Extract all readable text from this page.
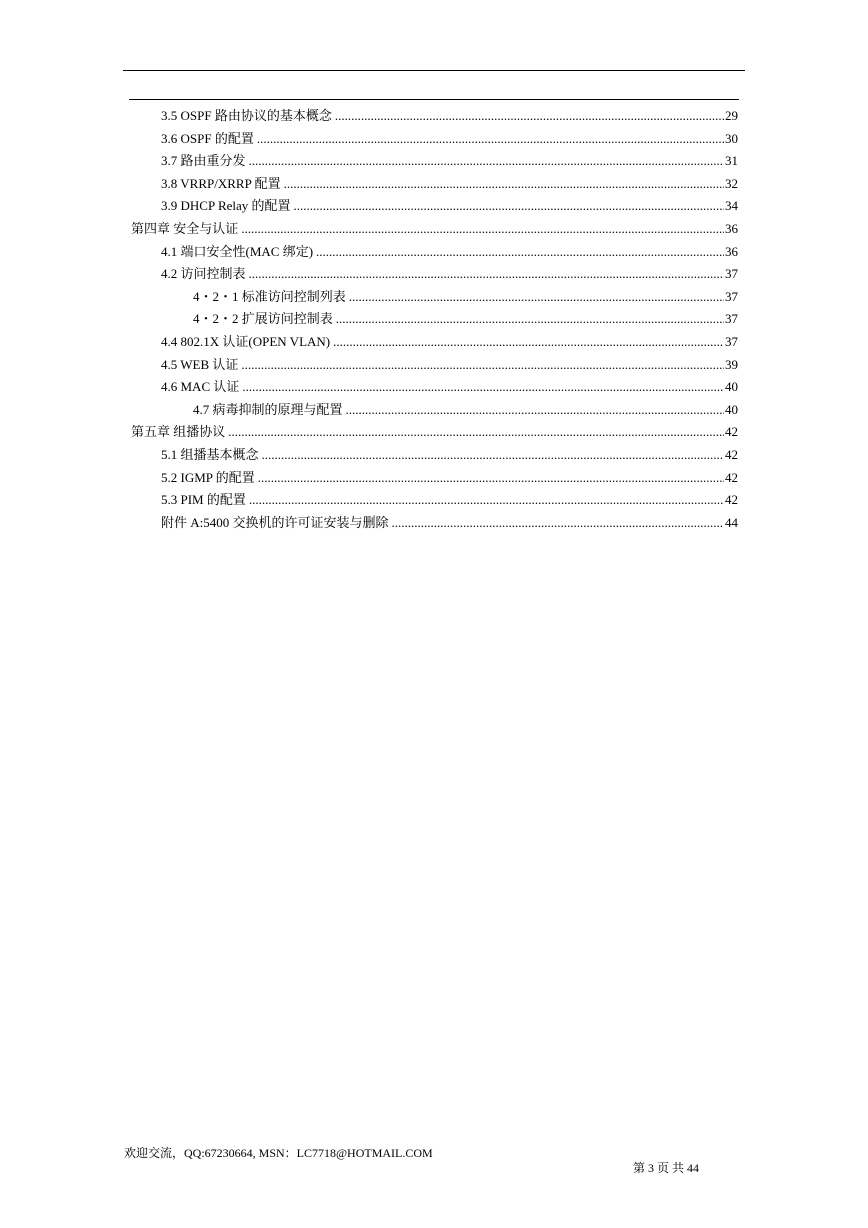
3.5 OSPF 路由协议的基本概念 .....	29
3.6 OSPF 的配置 .....	30
3.7 路由重分发 .....	31
3.8 VRRP/XRRP 配置 .....	32
3.9 DHCP Relay 的配置 .....	34
第四章 安全与认证 .....	36
4.1 端口安全性(MAC 绑定) .....	36
4.2 访问控制表 .....	37
4・2・1 标准访问控制列表 .....	37
4・2・2 扩展访问控制表 .....	37
4.4 802.1X 认证(OPEN VLAN) .....	37
4.5 WEB 认证 .....	39
4.6 MAC 认证 .....	40
4.7 病毒抑制的原理与配置 .....	40
第五章 组播协议 .....	42
5.1 组播基本概念 .....	42
5.2 IGMP 的配置 .....	42
5.3 PIM 的配置 .....	42
附件 A:5400 交换机的许可证安装与删除 .....	44
欢迎交流，QQ:67230664, MSN：LC7718@HOTMAIL.COM
第 3 页 共 44
